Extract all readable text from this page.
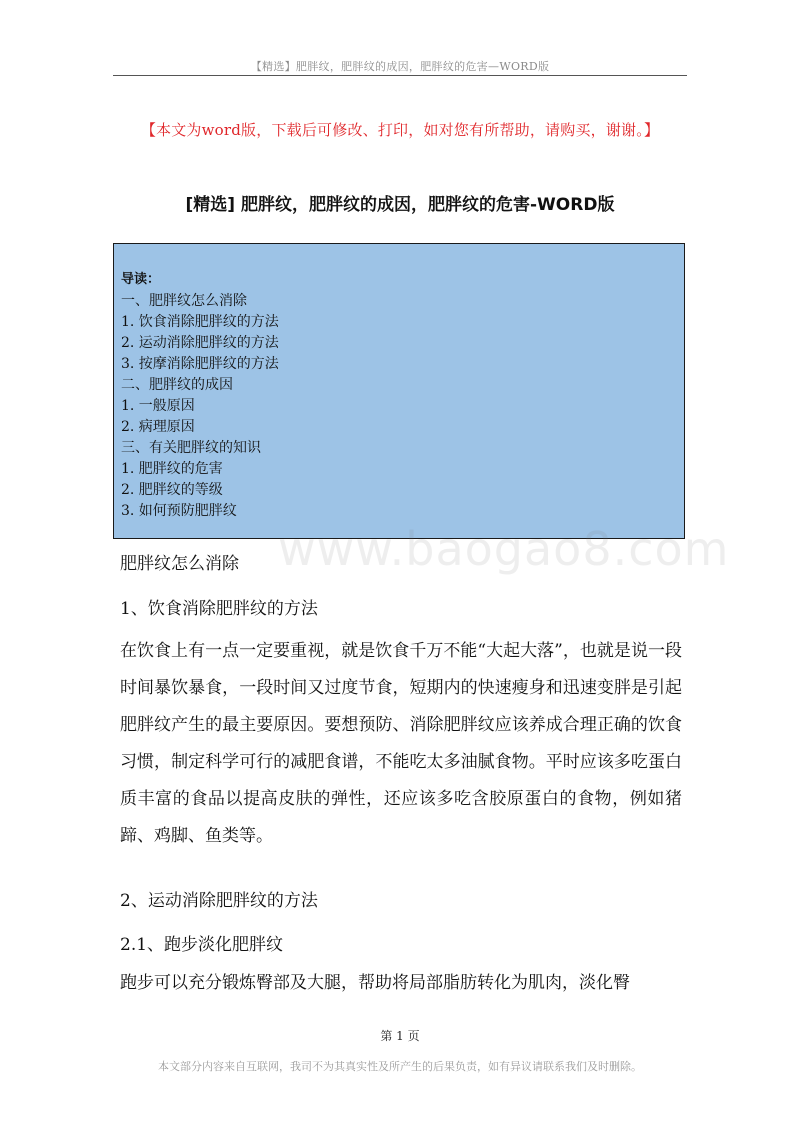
【精选】肥胖纹，肥胖纹的成因，肥胖纹的危害—WORD版
【本文为word版，下载后可修改、打印，如对您有所帮助，请购买，谢谢。】
[精选] 肥胖纹，肥胖纹的成因，肥胖纹的危害-WORD版
导读：
一、肥胖纹怎么消除
1. 饮食消除肥胖纹的方法
2. 运动消除肥胖纹的方法
3. 按摩消除肥胖纹的方法
二、肥胖纹的成因
1. 一般原因
2. 病理原因
三、有关肥胖纹的知识
1. 肥胖纹的危害
2. 肥胖纹的等级
3. 如何预防肥胖纹
www.baogao8.com
肥胖纹怎么消除
1、饮食消除肥胖纹的方法
在饮食上有一点一定要重视，就是饮食千万不能“大起大落”，也就是说一段时间暴饮暴食，一段时间又过度节食，短期内的快速瘦身和迅速变胖是引起肥胖纹产生的最主要原因。要想预防、消除肥胖纹应该养成合理正确的饮食习惯，制定科学可行的减肥食谱，不能吃太多油腻食物。平时应该多吃蛋白质丰富的食品以提高皮肤的弹性，还应该多吃含胶原蛋白的食物，例如猪蹄、鸡脚、鱼类等。
2、运动消除肥胖纹的方法
2.1、跑步淡化肥胖纹
跑步可以充分锻炼臀部及大腿，帮助将局部脂肪转化为肌肉，淡化臀
第 1 页
本文部分内容来自互联网，我司不为其真实性及所产生的后果负责，如有异议请联系我们及时删除。
